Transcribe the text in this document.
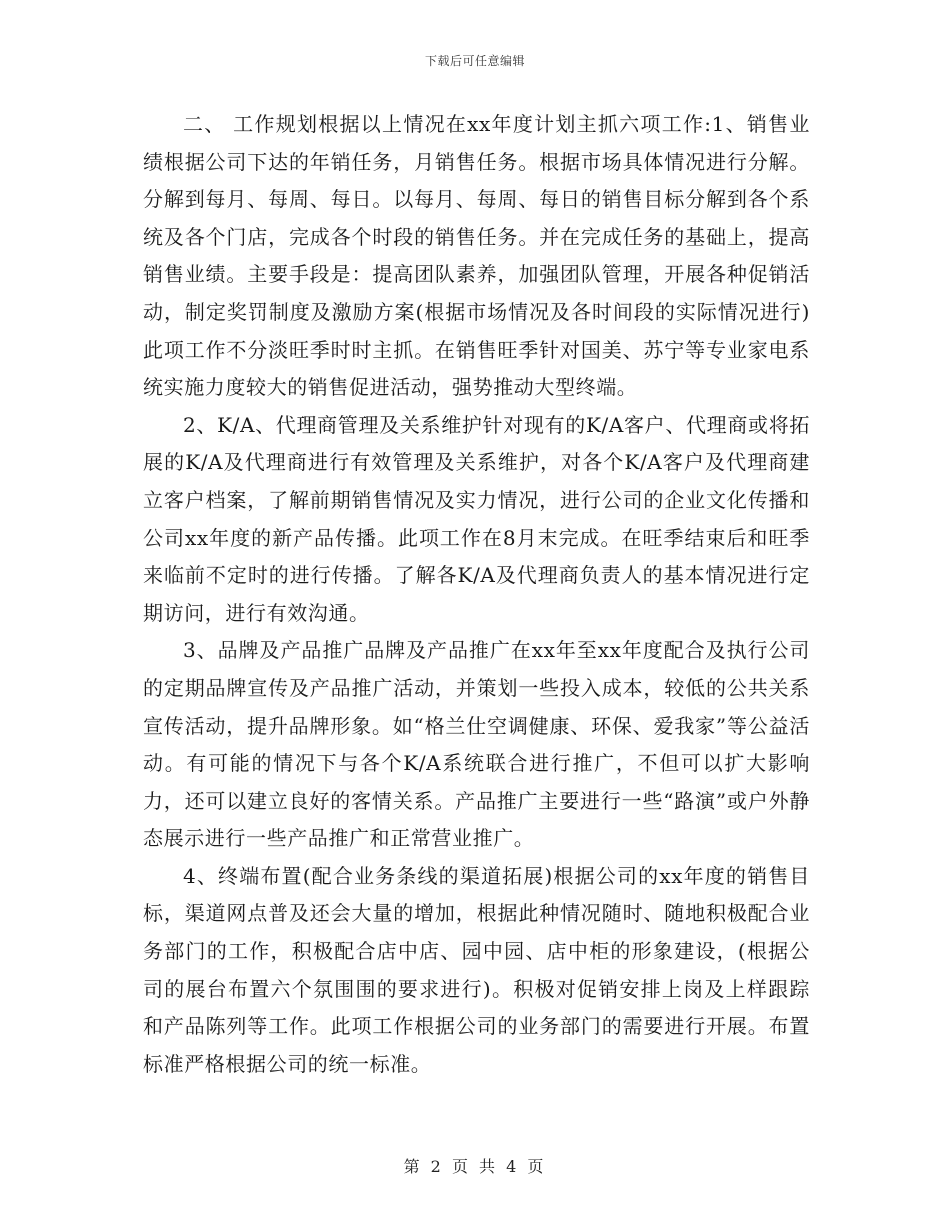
下载后可任意编辑

二、 工作规划根据以上情况在xx年度计划主抓六项工作:1、销售业绩根据公司下达的年销任务，月销售任务。根据市场具体情况进行分解。分解到每月、每周、每日。以每月、每周、每日的销售目标分解到各个系统及各个门店，完成各个时段的销售任务。并在完成任务的基础上，提高销售业绩。主要手段是：提高团队素养，加强团队管理，开展各种促销活动，制定奖罚制度及激励方案(根据市场情况及各时间段的实际情况进行)此项工作不分淡旺季时时主抓。在销售旺季针对国美、苏宁等专业家电系统实施力度较大的销售促进活动，强势推动大型终端。

2、K/A、代理商管理及关系维护针对现有的K/A客户、代理商或将拓展的K/A及代理商进行有效管理及关系维护，对各个K/A客户及代理商建立客户档案，了解前期销售情况及实力情况，进行公司的企业文化传播和公司xx年度的新产品传播。此项工作在8月末完成。在旺季结束后和旺季来临前不定时的进行传播。了解各K/A及代理商负责人的基本情况进行定期访问，进行有效沟通。

3、品牌及产品推广品牌及产品推广在xx年至xx年度配合及执行公司的定期品牌宣传及产品推广活动，并策划一些投入成本，较低的公共关系宣传活动，提升品牌形象。如“格兰仕空调健康、环保、爱我家”等公益活动。有可能的情况下与各个K/A系统联合进行推广，不但可以扩大影响力，还可以建立良好的客情关系。产品推广主要进行一些“路演”或户外静态展示进行一些产品推广和正常营业推广。

4、终端布置(配合业务条线的渠道拓展)根据公司的xx年度的销售目标，渠道网点普及还会大量的增加，根据此种情况随时、随地积极配合业务部门的工作，积极配合店中店、园中园、店中柜的形象建设，(根据公司的展台布置六个氛围围的要求进行)。积极对促销安排上岗及上样跟踪和产品陈列等工作。此项工作根据公司的业务部门的需要进行开展。布置标准严格根据公司的统一标准。

第 2 页 共 4 页
